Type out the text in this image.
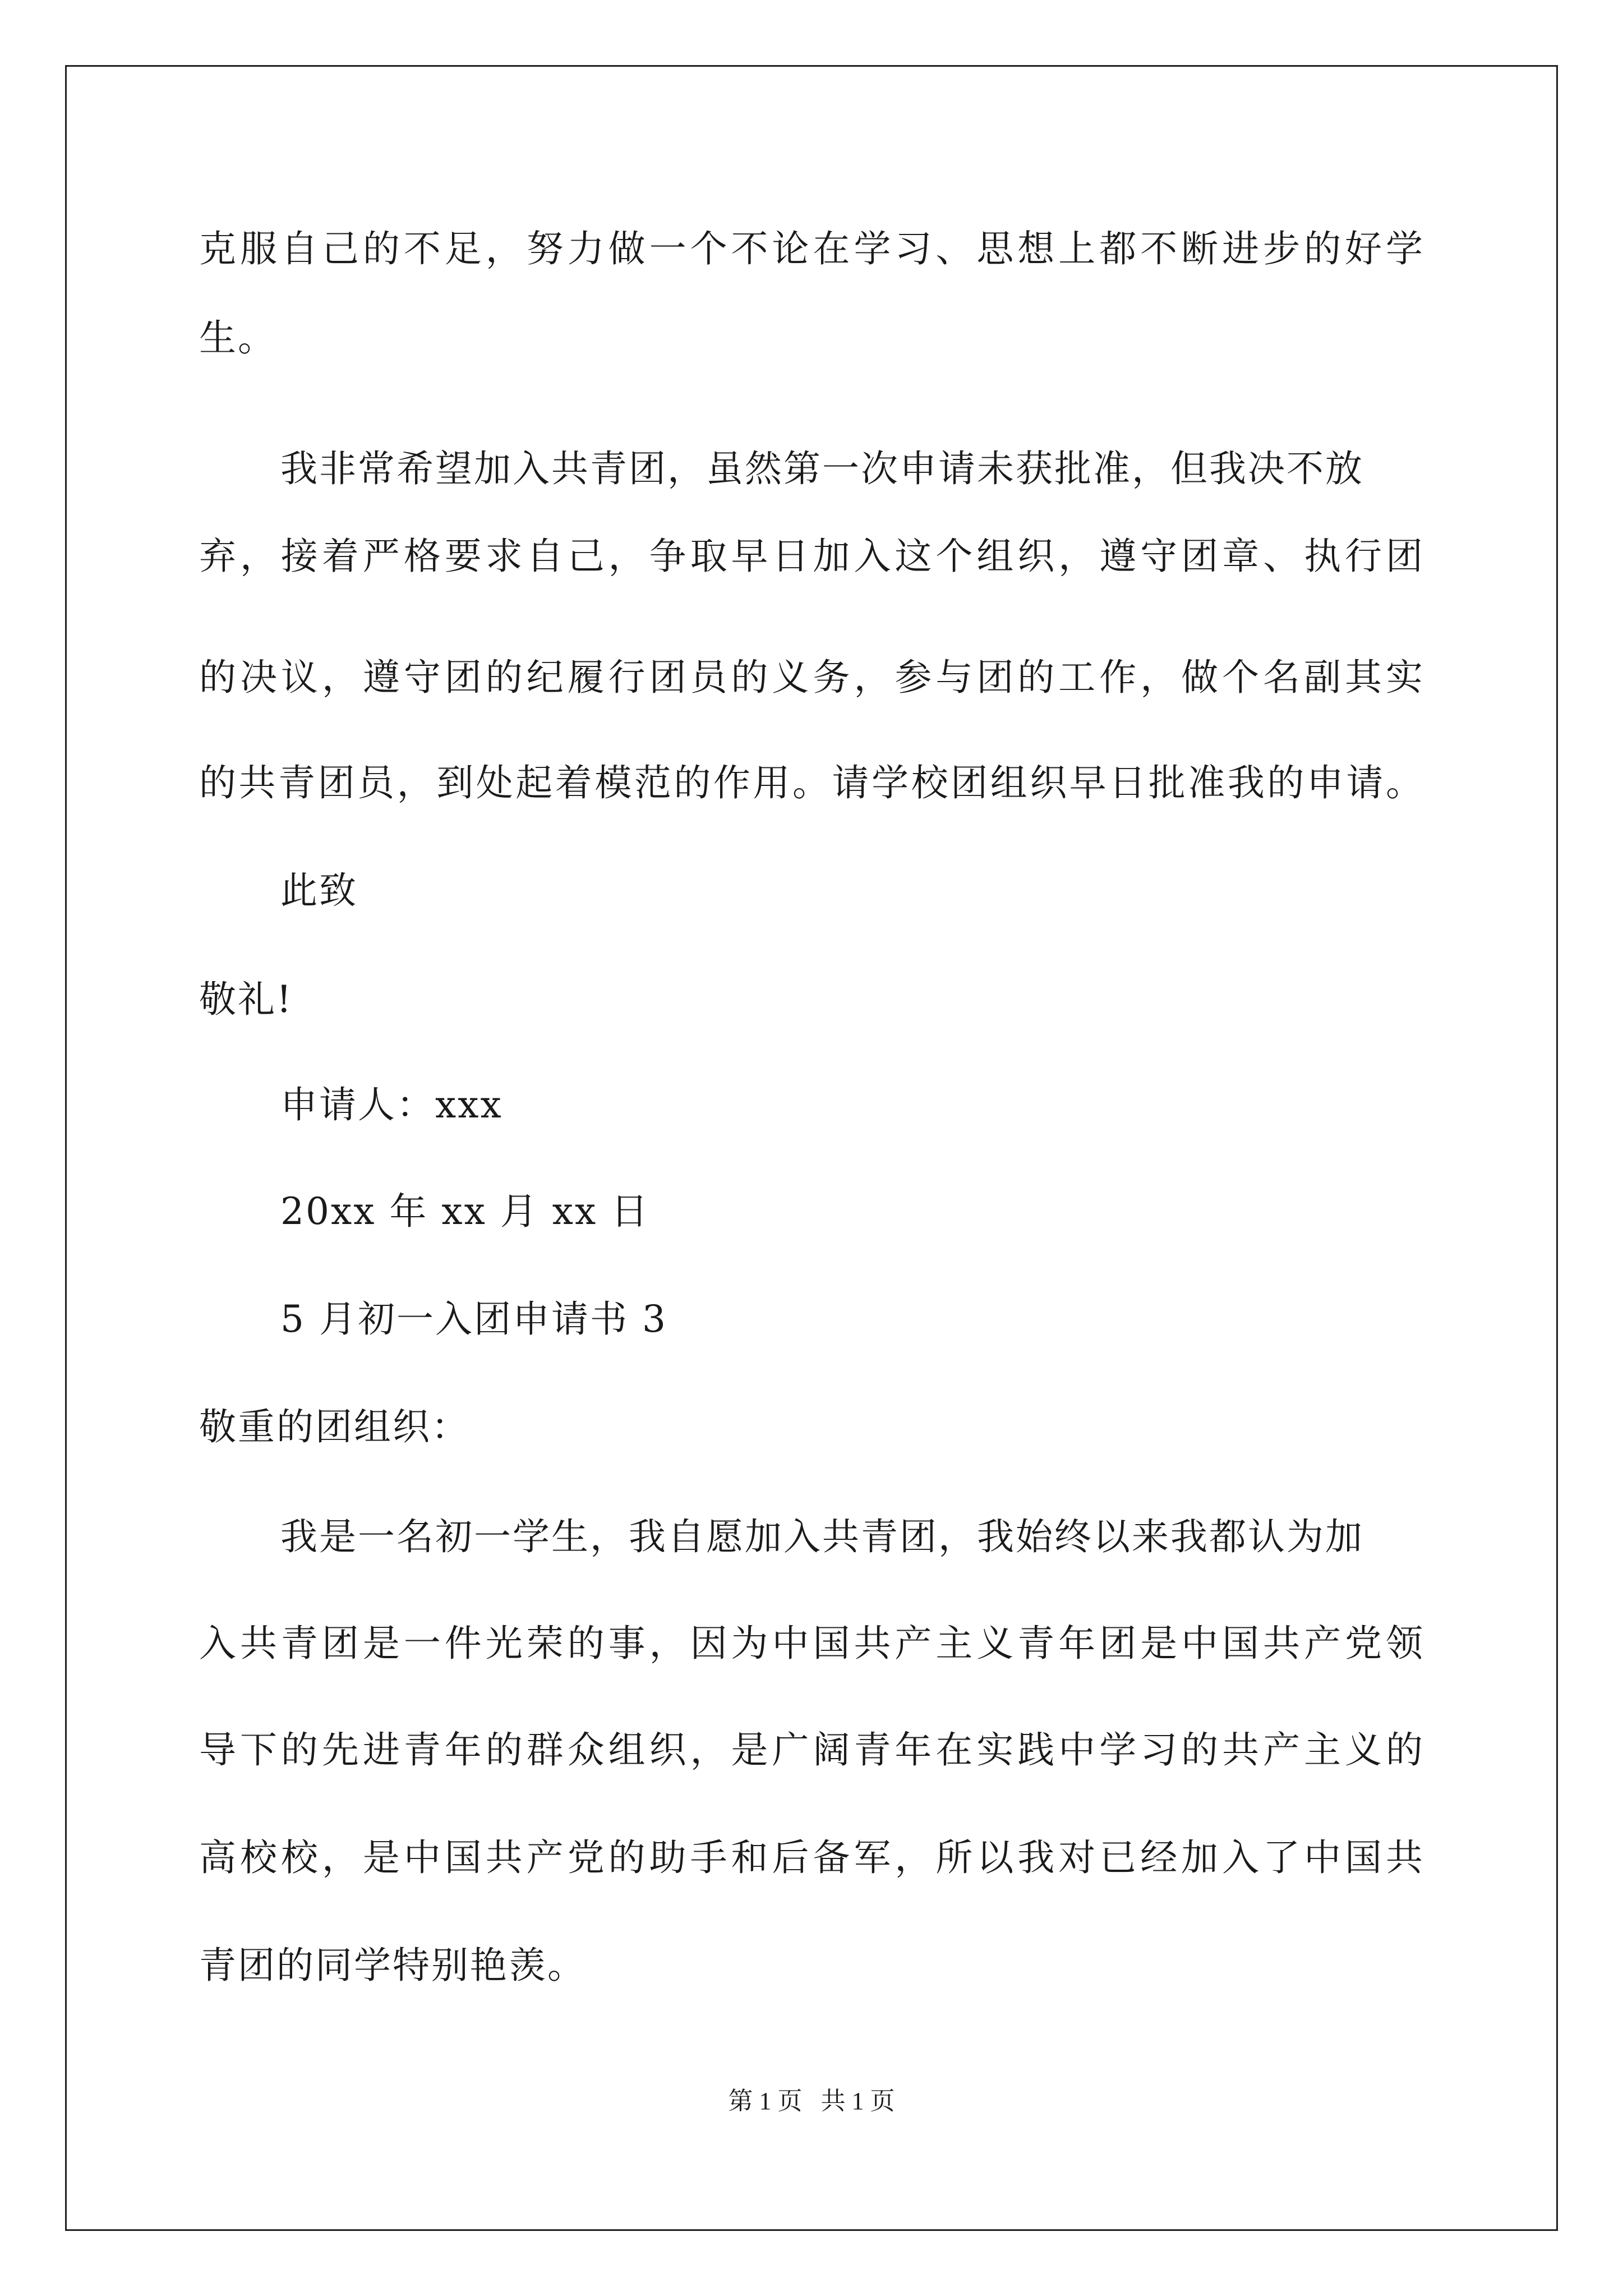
克服自己的不足，努力做一个不论在学习、思想上都不断进步的好学
生。
我非常希望加入共青团，虽然第一次申请未获批准，但我决不放
弃，接着严格要求自己，争取早日加入这个组织，遵守团章、执行团
的决议，遵守团的纪履行团员的义务，参与团的工作，做个名副其实
的共青团员，到处起着模范的作用。请学校团组织早日批准我的申请。
此致
敬礼!
申请人：xxx
20xx 年 xx 月 xx 日
5 月初一入团申请书 3
敬重的团组织：
我是一名初一学生，我自愿加入共青团，我始终以来我都认为加
入共青团是一件光荣的事，因为中国共产主义青年团是中国共产党领
导下的先进青年的群众组织，是广阔青年在实践中学习的共产主义的
高校校，是中国共产党的助手和后备军，所以我对已经加入了中国共
青团的同学特别艳羡。
第 1 页 共 1 页
